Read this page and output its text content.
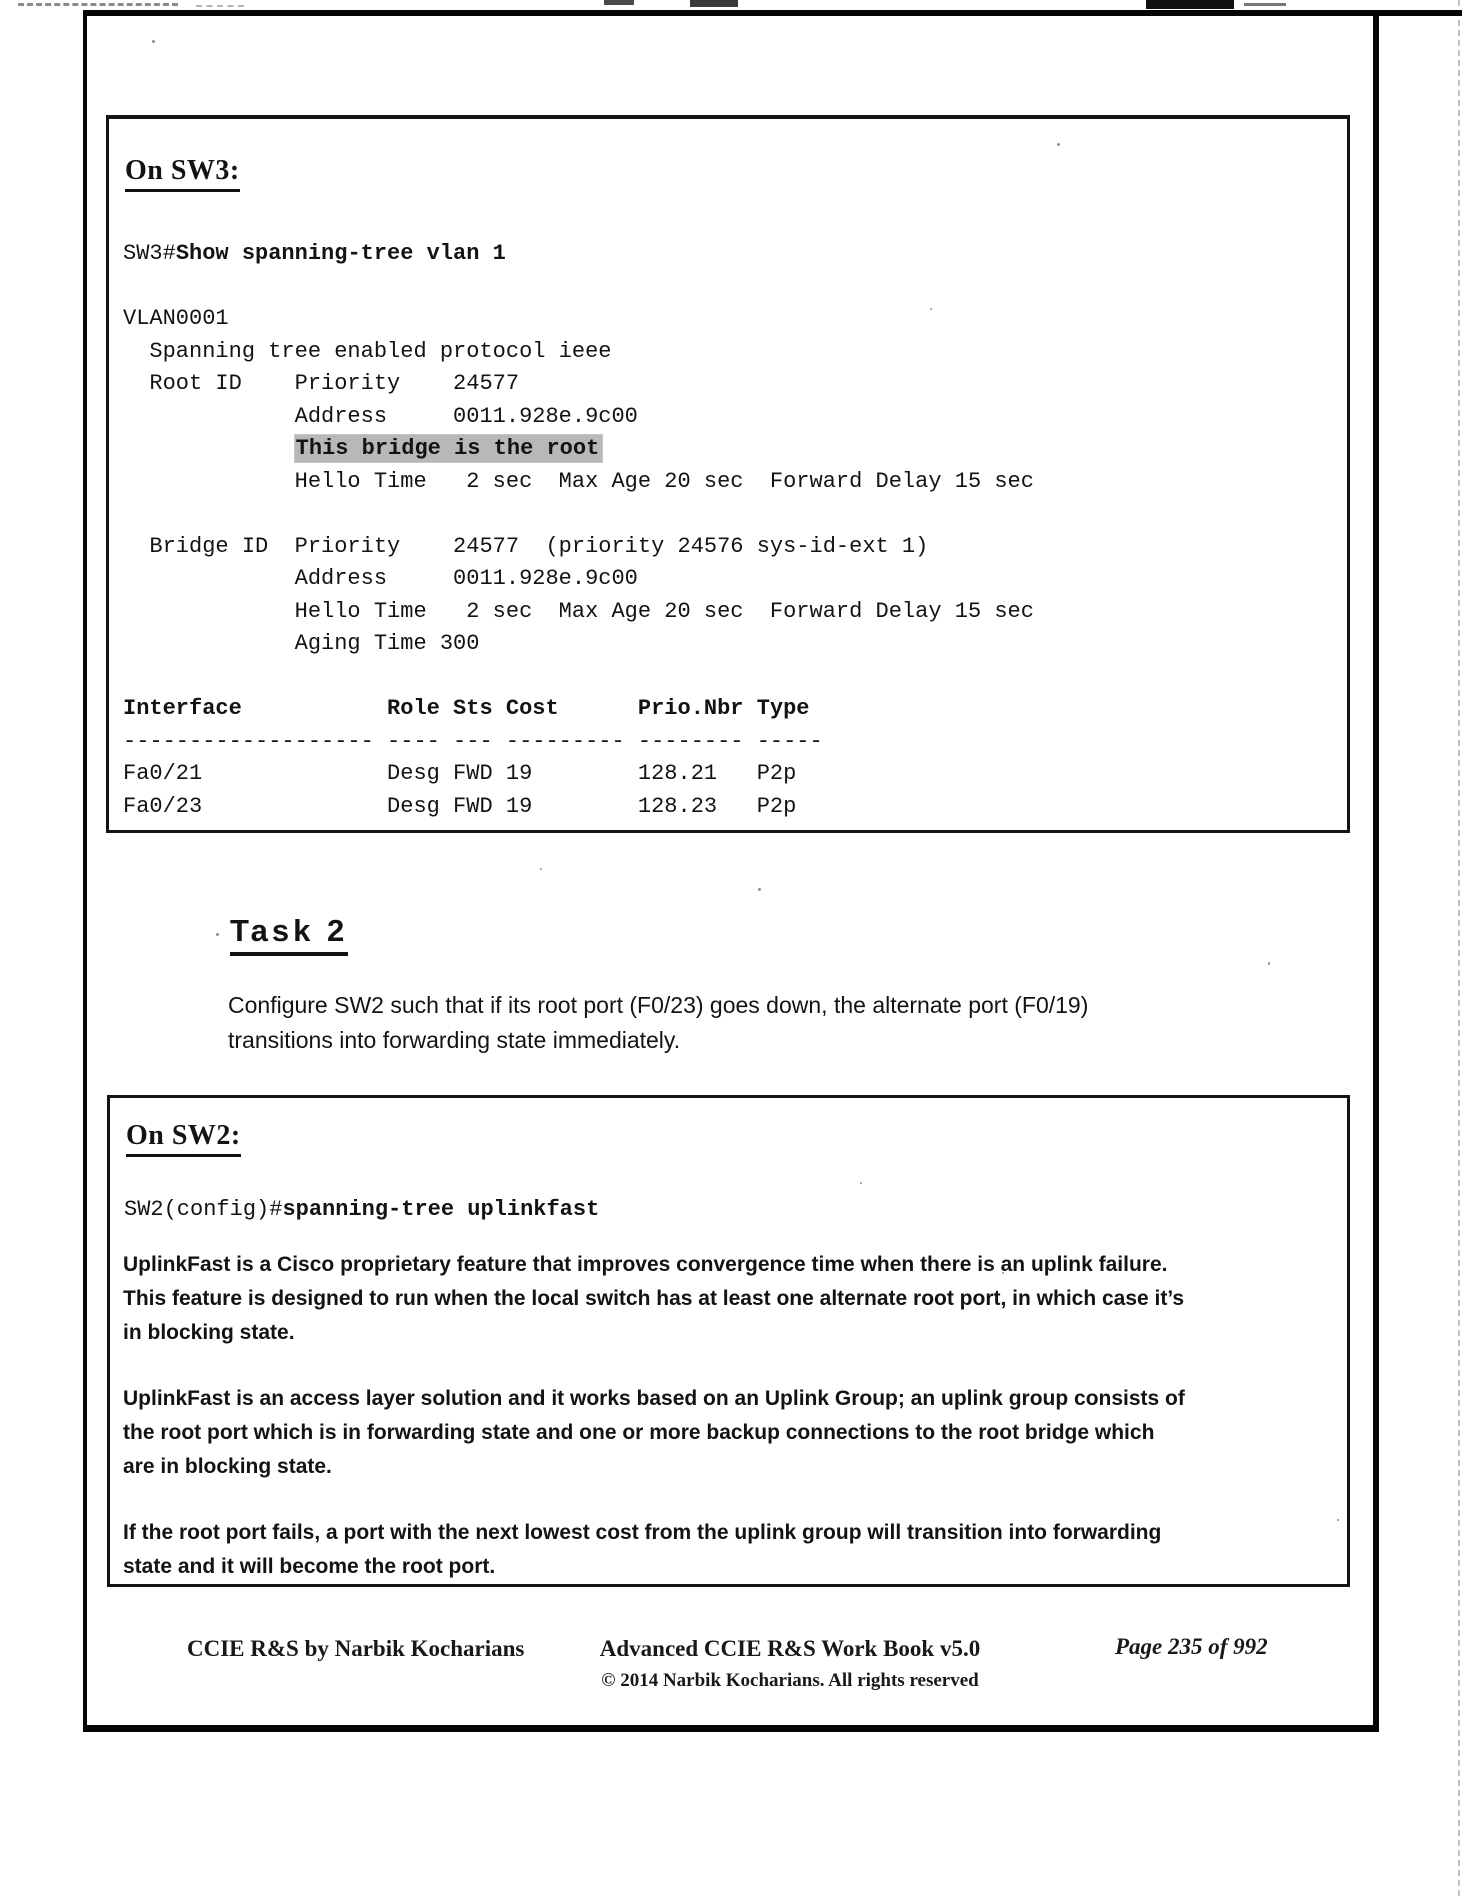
On SW3:
SW3#Show spanning-tree vlan 1
VLAN0001
Spanning tree enabled protocol ieee
Root ID    Priority    24577
Address     0011.928e.9c00
This bridge is the root
Hello Time   2 sec  Max Age 20 sec  Forward Delay 15 sec
Bridge ID  Priority    24577  (priority 24576 sys-id-ext 1)
Address     0011.928e.9c00
Hello Time   2 sec  Max Age 20 sec  Forward Delay 15 sec
Aging Time 300
Interface           Role Sts Cost      Prio.Nbr Type
------------------- ---- --- --------- -------- -----
Fa0/21              Desg FWD 19        128.21   P2p
Fa0/23              Desg FWD 19        128.23   P2p
Task 2
Configure SW2 such that if its root port (F0/23) goes down, the alternate port (F0/19)
transitions into forwarding state immediately.
On SW2:
SW2(config)#spanning-tree uplinkfast
UplinkFast is a Cisco proprietary feature that improves convergence time when there is an uplink failure.
This feature is designed to run when the local switch has at least one alternate root port, in which case it’s
in blocking state.
UplinkFast is an access layer solution and it works based on an Uplink Group; an uplink group consists of
the root port which is in forwarding state and one or more backup connections to the root bridge which
are in blocking state.
If the root port fails, a port with the next lowest cost from the uplink group will transition into forwarding
state and it will become the root port.
CCIE R&S by Narbik Kocharians	Advanced CCIE R&S Work Book v5.0
© 2014 Narbik Kocharians. All rights reserved
Page 235 of 992
